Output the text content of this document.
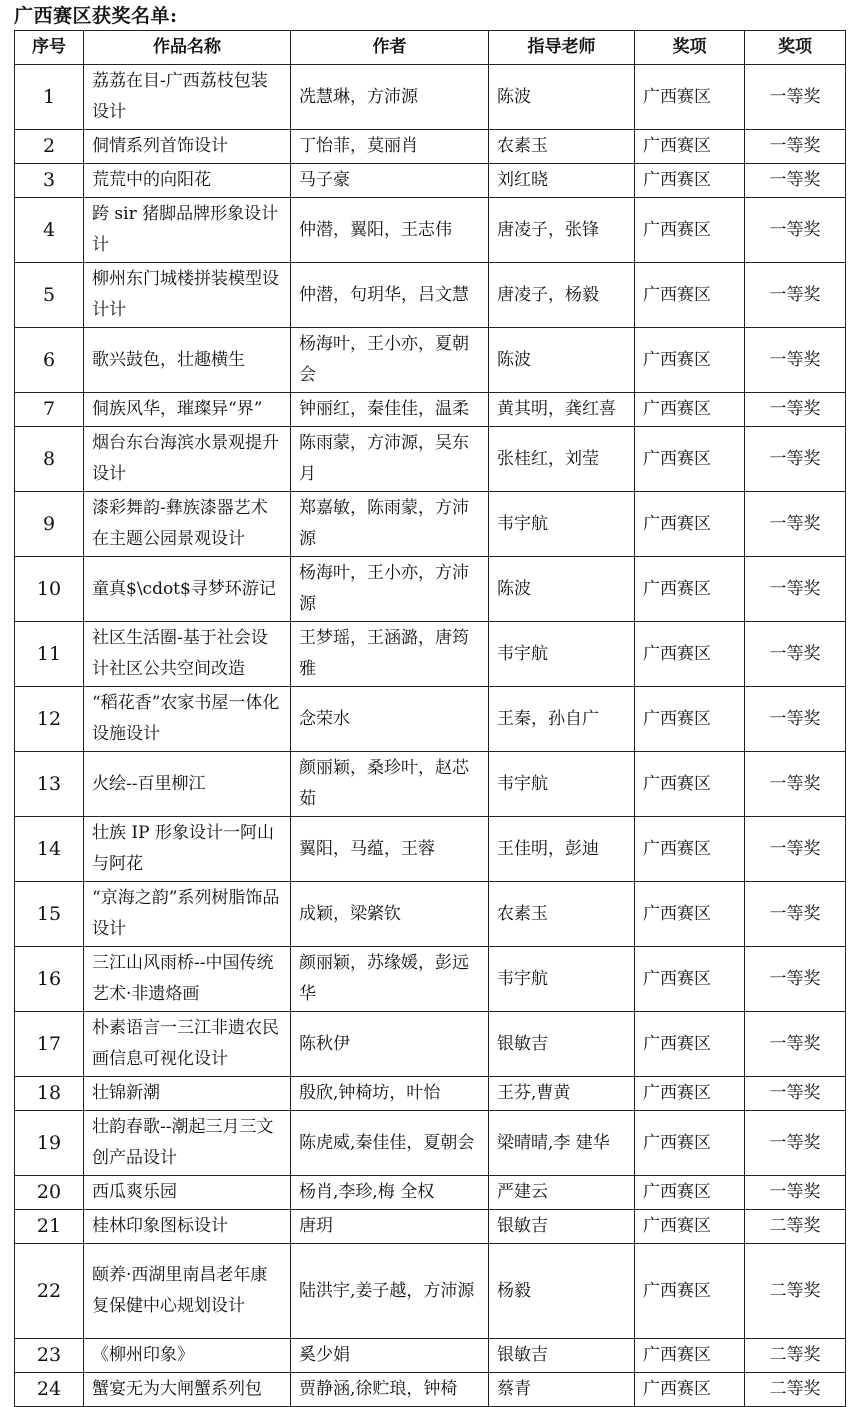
广西赛区获奖名单:
序号	作品名称	作者	指导老师	奖项	奖项
1	荔荔在目-广西荔枝包装设计	冼慧琳，方沛源	陈波	广西赛区	一等奖
2	侗情系列首饰设计	丁怡菲，莫丽肖	农素玉	广西赛区	一等奖
3	荒荒中的向阳花	马子豪	刘红晓	广西赛区	一等奖
4	跨 sir 猪脚品牌形象设计计	仲潜，翼阳，王志伟	唐凌子，张锋	广西赛区	一等奖
5	柳州东门城楼拼装模型设计计	仲潜，句玥华，吕文慧	唐凌子，杨毅	广西赛区	一等奖
6	歌兴鼓色，壮趣横生	杨海叶，王小亦，夏朝会	陈波	广西赛区	一等奖
7	侗族风华，璀璨异“界”	钟丽红，秦佳佳，温柔	黄其明，龚红喜	广西赛区	一等奖
8	烟台东台海滨水景观提升设计	陈雨蒙，方沛源，吴东月	张桂红，刘莹	广西赛区	一等奖
9	漆彩舞韵-彝族漆器艺术在主题公园景观设计	郑嘉敏，陈雨蒙，方沛源	韦宇航	广西赛区	一等奖
10	童真$\cdot$寻梦环游记	杨海叶，王小亦，方沛源	陈波	广西赛区	一等奖
11	社区生活圈-基于社会设计社区公共空间改造	王梦瑶，王涵潞，唐筠雅	韦宇航	广西赛区	一等奖
12	“稻花香”农家书屋一体化设施设计	念荣水	王秦，孙自广	广西赛区	一等奖
13	火绘--百里柳江	颜丽颖，桑珍叶，赵芯茹	韦宇航	广西赛区	一等奖
14	壮族 IP 形象设计一阿山与阿花	翼阳，马蕴，王蓉	王佳明，彭迪	广西赛区	一等奖
15	“京海之韵”系列树脂饰品设计	成颖，梁綮钦	农素玉	广西赛区	一等奖
16	三江山风雨桥--中国传统艺术·非遗烙画	颜丽颖，苏缘媛，彭远华	韦宇航	广西赛区	一等奖
17	朴素语言一三江非遗农民 画信息可视化设计	陈秋伊	银敏吉	广西赛区	一等奖
18	壮锦新潮	殷欣,钟椅坊，叶怡	王芬,曹黄	广西赛区	一等奖
19	壮韵春歌--潮起三月三文创产品设计	陈虎威,秦佳佳，夏朝会	梁晴晴,李 建华	广西赛区	一等奖
20	西瓜爽乐园	杨肖,李珍,梅 全权	严建云	广西赛区	一等奖
21	桂林印象图标设计	唐玥	银敏吉	广西赛区	二等奖
22	颐养·西湖里南昌老年康 复保健中心规划设计	陆洪宇,姜子越，方沛源	杨毅	广西赛区	二等奖
23	《柳州印象》	奚少娟	银敏吉	广西赛区	二等奖
24	蟹宴无为大闸蟹系列包	贾静涵,徐贮琅，钟椅	蔡青	广西赛区	二等奖
